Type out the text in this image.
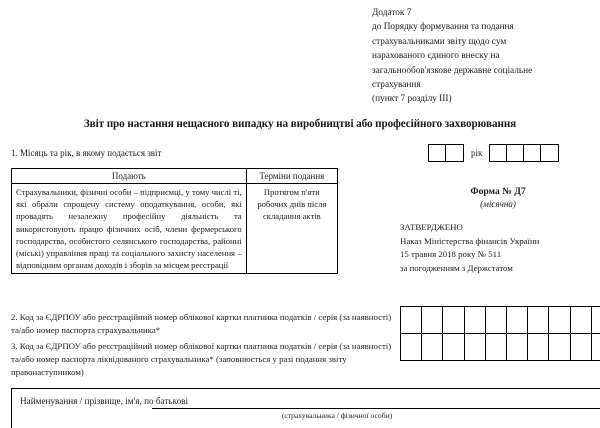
Додаток 7
до Порядку формування та подання
страхувальниками звіту щодо сум
нарахованого єдиного внеску на
загальнообов'язкове державне соціальне
страхування
(пункт 7 розділу III)
Звіт про настання нещасного випадку на виробництві або професійного захворювання
1. Місяць та рік, в якому подається звіт	рік
Подають	Терміни подання
Страхувальники, фізичні особи – підприємці, у тому числі ті, які обрали спрощену систему оподаткування, особи, які провадять незалежну професійну діяльність та використовують працю фізичних осіб, члени фермерського господарства, особистого селянського господарства, районні (міські) управління праці та соціального захисту населення – відповідним органам доходів і зборів за місцем реєстрації	Протягом п'яти робочих днів після складання актів
Форма № Д7
(місячна)
ЗАТВЕРДЖЕНО
Наказ Міністерства фінансів України
15 травня 2018 року № 511
за погодженням з Держстатом
2. Код за ЄДРПОУ або реєстраційний номер облікової картки платника податків / серія (за наявності) та/або номер паспорта страхувальника*
3. Код за ЄДРПОУ або реєстраційний номер облікової картки платника податків / серія (за наявності) та/або номер паспорта ліквідованого страхувальника* (заповнюється у разі подання звіту правонаступником)
Найменування / прізвище, ім'я, по батькові
(страхувальника / фізичної особи)
